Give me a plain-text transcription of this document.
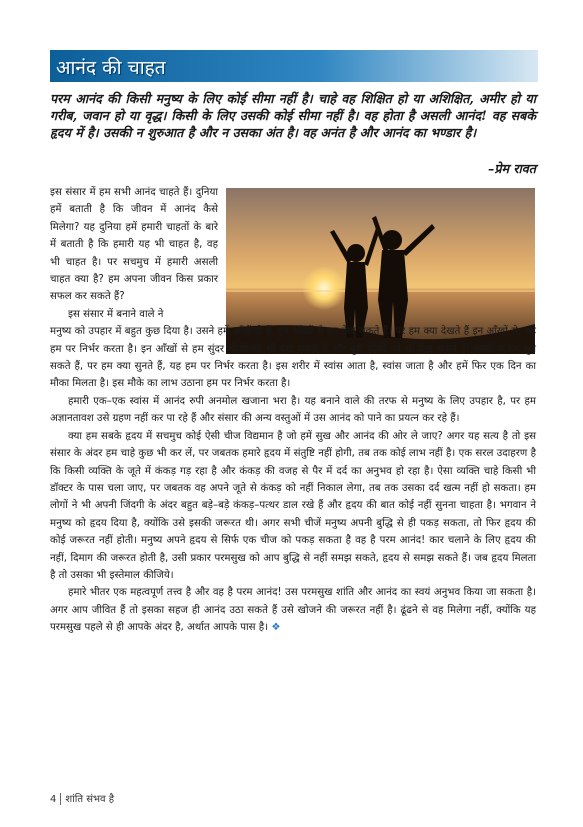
आनंद की चाहत
परम आनंद की किसी मनुष्य के लिए कोई सीमा नहीं है। चाहे वह शिक्षित हो या अशिक्षित, अमीर हो या गरीब, जवान हो या वृद्ध। किसी के लिए उसकी कोई सीमा नहीं है। वह होता है असली आनंद! वह सबके हृदय में है। उसकी न शुरुआत है और न उसका अंत है। वह अनंत है और आनंद का भण्डार है।
–प्रेम रावत

इस संसार में हम सभी आनंद चाहते हैं। दुनिया हमें बताती है कि जीवन में आनंद कैसे मिलेगा? यह दुनिया हमें हमारी चाहतों के बारे में बताती है कि हमारी यह भी चाहत है, वह भी चाहत है। पर सचमुच में हमारी असली चाहत क्या है? हम अपना जीवन किस प्रकार सफल कर सकते हैं?

इस संसार में बनाने वाले ने

मनुष्य को उपहार में बहुत कुछ दिया है। उसने हमें आँखें दी हैं, इन आँखों से हम देख सकते हैं। पर हम क्या देखते हैं इन आँखों से, यह हम पर निर्भर करता है। इन आँखों से हम सुंदर चीजों को भी देख सकते हैं और बुरी चीजों को भी देख सकते हैं। कानों से हम सुन सकते हैं, पर हम क्या सुनते हैं, यह हम पर निर्भर करता है। इस शरीर में स्वांस आता है, स्वांस जाता है और हमें फिर एक दिन का मौका मिलता है। इस मौके का लाभ उठाना हम पर निर्भर करता है।

हमारी एक–एक स्वांस में आनंद रुपी अनमोल खजाना भरा है। यह बनाने वाले की तरफ से मनुष्य के लिए उपहार है, पर हम अज्ञानतावश उसे ग्रहण नहीं कर पा रहे हैं और संसार की अन्य वस्तुओं में उस आनंद को पाने का प्रयत्न कर रहे हैं।

क्या हम सबके हृदय में सचमुच कोई ऐसी चीज विद्यमान है जो हमें सुख और आनंद की ओर ले जाए? अगर यह सत्य है तो इस संसार के अंदर हम चाहे कुछ भी कर लें, पर जबतक हमारे हृदय में संतुष्टि नहीं होगी, तब तक कोई लाभ नहीं है। एक सरल उदाहरण है कि किसी व्यक्ति के जूते में कंकड़ गड़ रहा है और कंकड़ की वजह से पैर में दर्द का अनुभव हो रहा है। ऐसा व्यक्ति चाहे किसी भी डॉक्टर के पास चला जाए, पर जबतक वह अपने जूते से कंकड़ को नहीं निकाल लेगा, तब तक उसका दर्द खत्म नहीं हो सकता। हम लोगों ने भी अपनी जिंदगी के अंदर बहुत बड़े–बड़े कंकड़–पत्थर डाल रखे हैं और हृदय की बात कोई नहीं सुनना चाहता है। भगवान ने मनुष्य को हृदय दिया है, क्योंकि उसे इसकी जरूरत थी। अगर सभी चीजें मनुष्य अपनी बुद्धि से ही पकड़ सकता, तो फिर हृदय की कोई जरूरत नहीं होती। मनुष्य अपने हृदय से सिर्फ एक चीज को पकड़ सकता है वह है परम आनंद! कार चलाने के लिए हृदय की नहीं, दिमाग की जरूरत होती है, उसी प्रकार परमसुख को आप बुद्धि से नहीं समझ सकते, हृदय से समझ सकते हैं। जब हृदय मिलता है तो उसका भी इस्तेमाल कीजिये।

हमारे भीतर एक महत्वपूर्ण तत्त्व है और वह है परम आनंद! उस परमसुख शांति और आनंद का स्वयं अनुभव किया जा सकता है। अगर आप जीवित हैं तो इसका सहज ही आनंद उठा सकते हैं उसे खोजने की जरूरत नहीं है। ढूंढने से वह मिलेगा नहीं, क्योंकि यह परमसुख पहले से ही आपके अंदर है, अर्थात आपके पास है। ❖

4 शांति संभव है
